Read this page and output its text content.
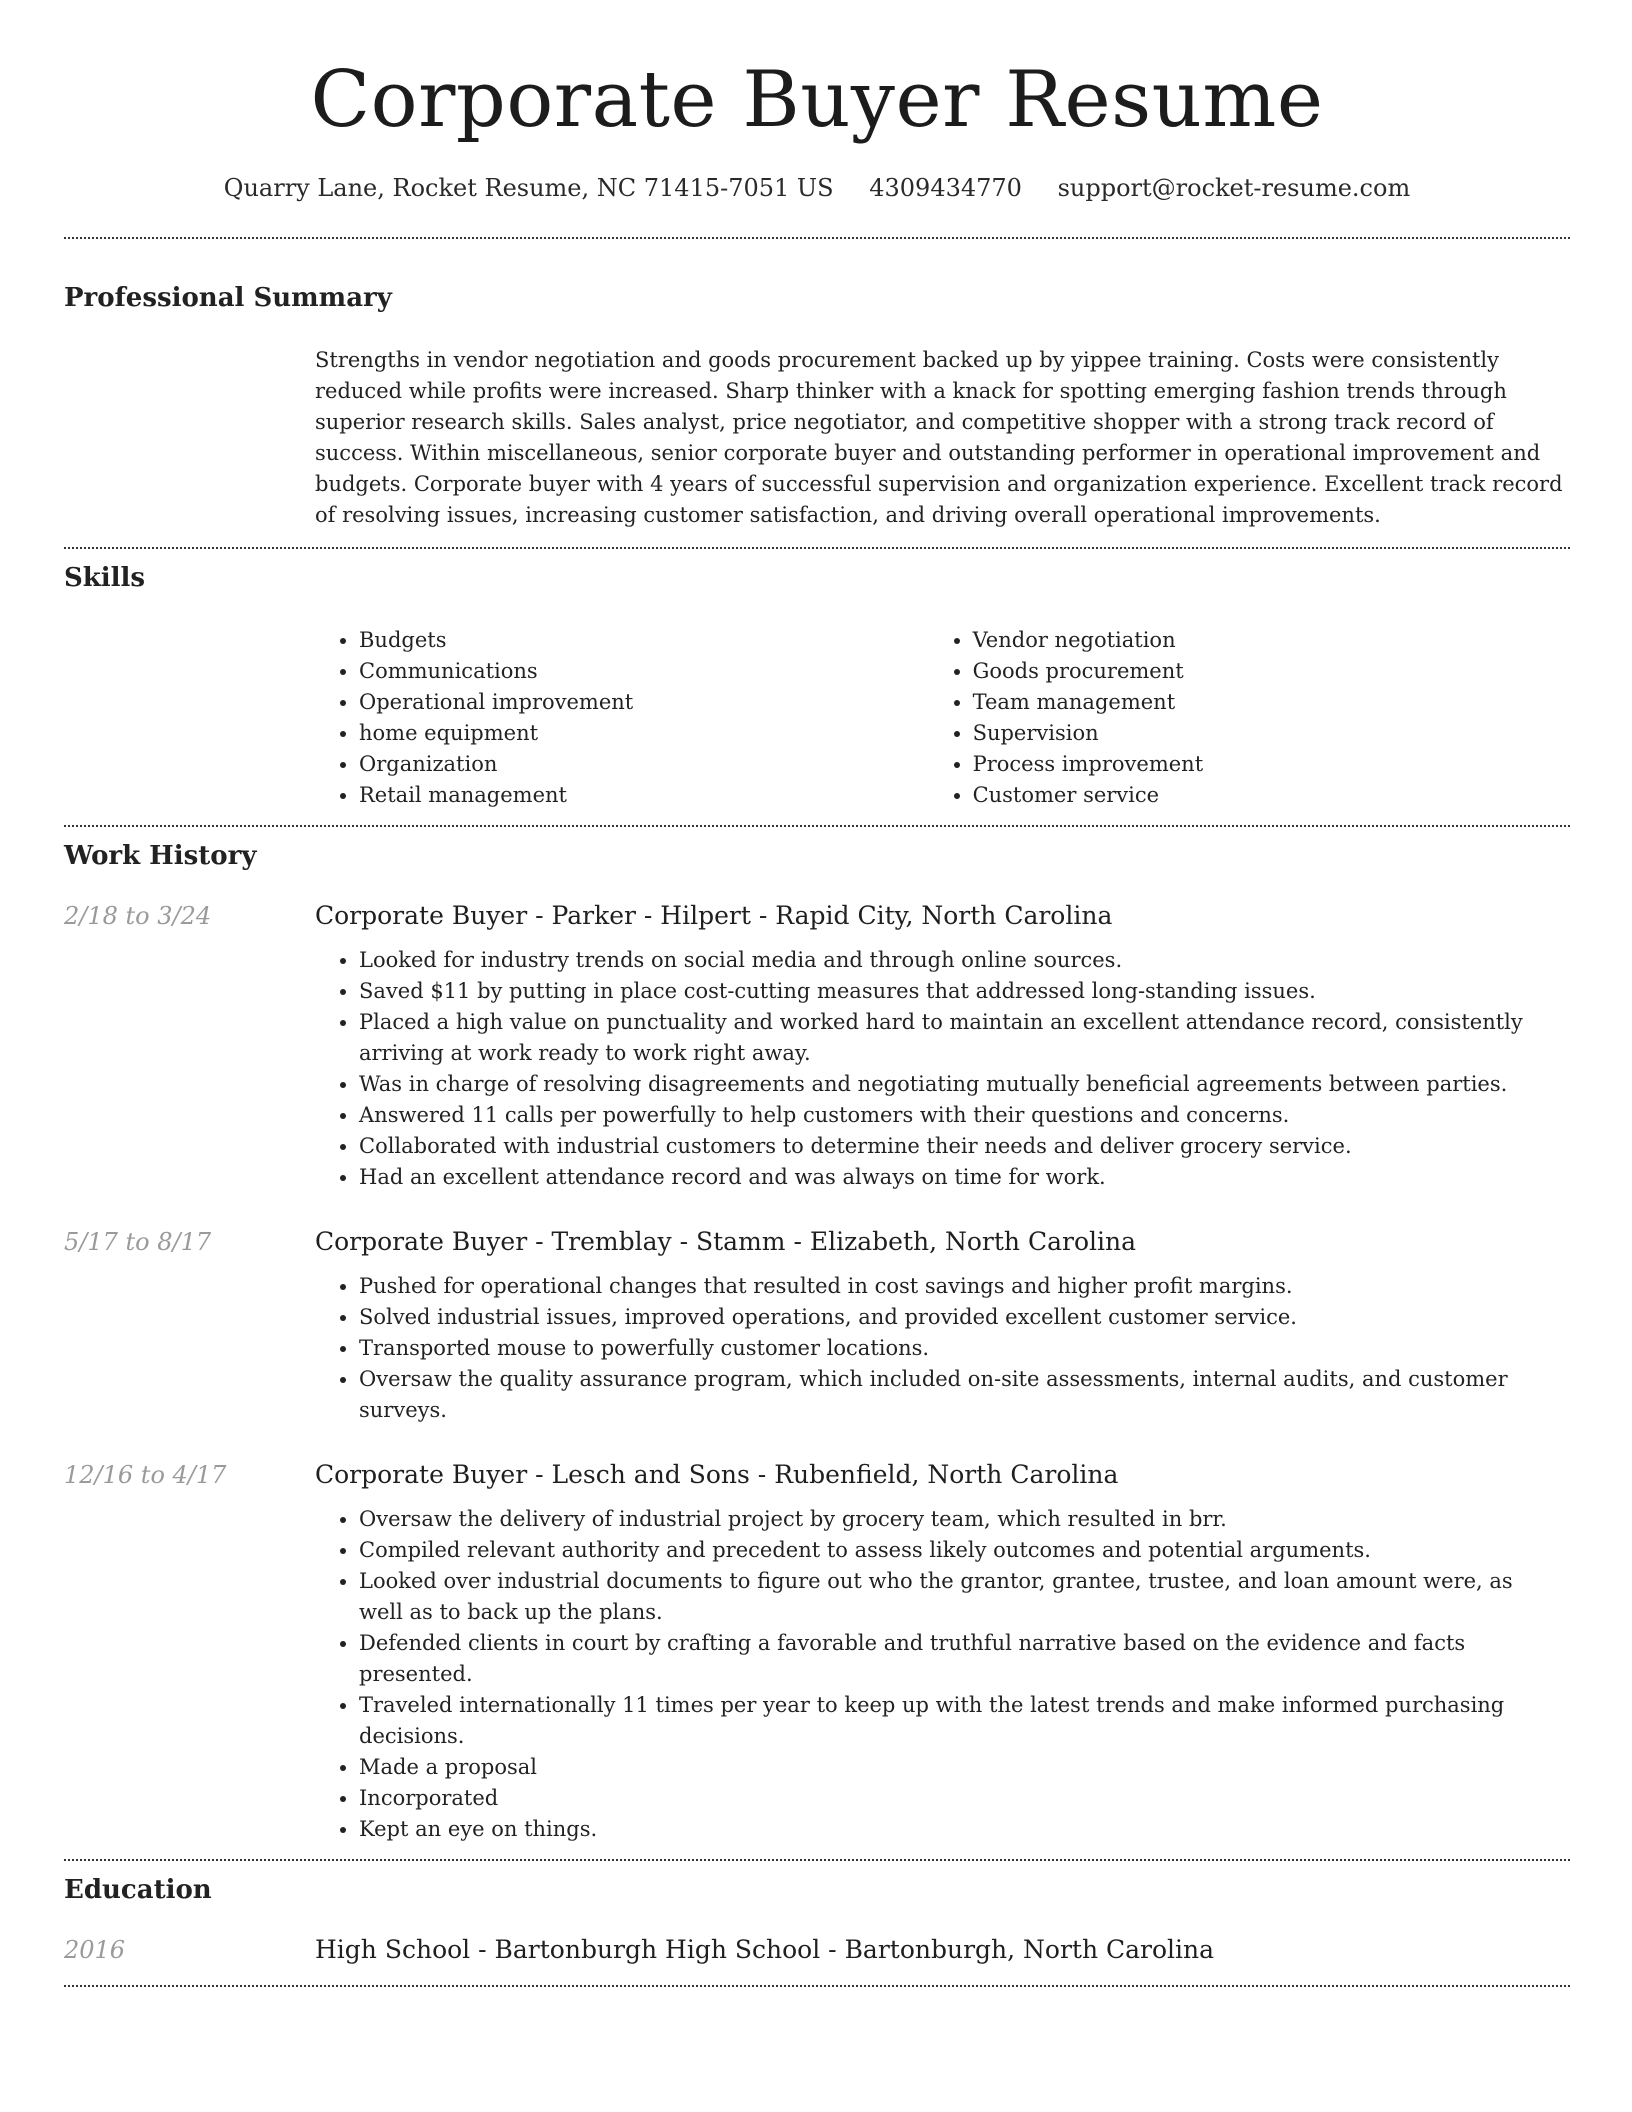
Corporate Buyer Resume
Quarry Lane, Rocket Resume, NC 71415-7051 US 4309434770 support@rocket-resume.com
Professional Summary

Strengths in vendor negotiation and goods procurement backed up by yippee training. Costs were consistently reduced while profits were increased. Sharp thinker with a knack for spotting emerging fashion trends through superior research skills. Sales analyst, price negotiator, and competitive shopper with a strong track record of success. Within miscellaneous, senior corporate buyer and outstanding performer in operational improvement and budgets. Corporate buyer with 4 years of successful supervision and organization experience. Excellent track record of resolving issues, increasing customer satisfaction, and driving overall operational improvements.

Skills
• Budgets
• Communications
• Operational improvement
• home equipment
• Organization
• Retail management
• Vendor negotiation
• Goods procurement
• Team management
• Supervision
• Process improvement
• Customer service
Work History
2/18 to 3/24	Corporate Buyer - Parker - Hilpert - Rapid City, North Carolina
• Looked for industry trends on social media and through online sources.
• Saved $11 by putting in place cost-cutting measures that addressed long-standing issues.
• Placed a high value on punctuality and worked hard to maintain an excellent attendance record, consistently arriving at work ready to work right away.
• Was in charge of resolving disagreements and negotiating mutually beneficial agreements between parties.
• Answered 11 calls per powerfully to help customers with their questions and concerns.
• Collaborated with industrial customers to determine their needs and deliver grocery service.
• Had an excellent attendance record and was always on time for work.
5/17 to 8/17	Corporate Buyer - Tremblay - Stamm - Elizabeth, North Carolina
• Pushed for operational changes that resulted in cost savings and higher profit margins.
• Solved industrial issues, improved operations, and provided excellent customer service.
• Transported mouse to powerfully customer locations.
• Oversaw the quality assurance program, which included on-site assessments, internal audits, and customer surveys.
12/16 to 4/17	Corporate Buyer - Lesch and Sons - Rubenfield, North Carolina
• Oversaw the delivery of industrial project by grocery team, which resulted in brr.
• Compiled relevant authority and precedent to assess likely outcomes and potential arguments.
• Looked over industrial documents to figure out who the grantor, grantee, trustee, and loan amount were, as well as to back up the plans.
• Defended clients in court by crafting a favorable and truthful narrative based on the evidence and facts presented.
• Traveled internationally 11 times per year to keep up with the latest trends and make informed purchasing decisions.
• Made a proposal
• Incorporated
• Kept an eye on things.
Education
2016	High School - Bartonburgh High School - Bartonburgh, North Carolina
